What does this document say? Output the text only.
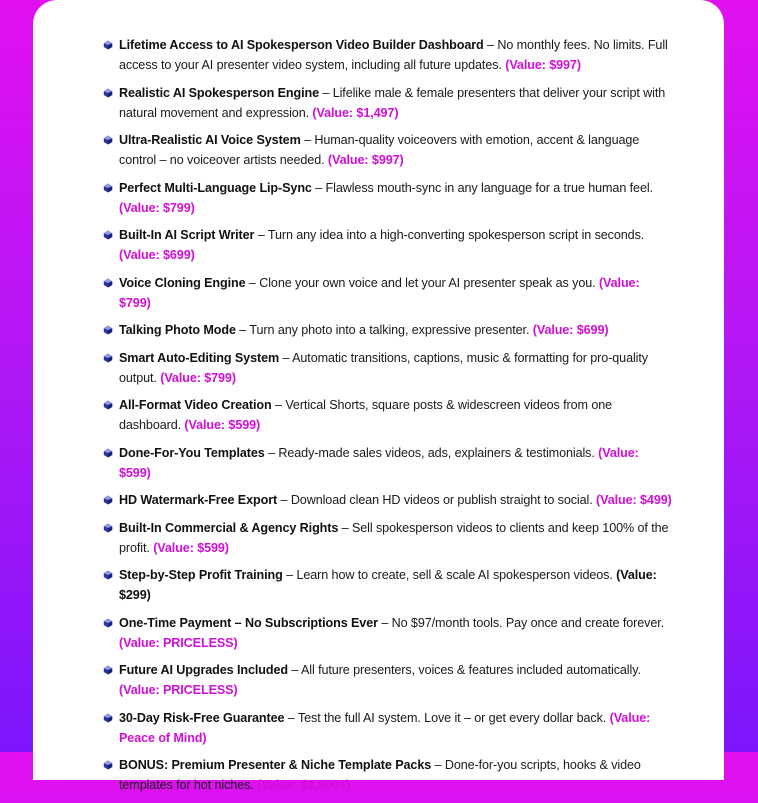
Lifetime Access to AI Spokesperson Video Builder Dashboard – No monthly fees. No limits. Full access to your AI presenter video system, including all future updates. (Value: $997)
Realistic AI Spokesperson Engine – Lifelike male & female presenters that deliver your script with natural movement and expression. (Value: $1,497)
Ultra-Realistic AI Voice System – Human-quality voiceovers with emotion, accent & language control – no voiceover artists needed. (Value: $997)
Perfect Multi-Language Lip-Sync – Flawless mouth-sync in any language for a true human feel. (Value: $799)
Built-In AI Script Writer – Turn any idea into a high-converting spokesperson script in seconds. (Value: $699)
Voice Cloning Engine – Clone your own voice and let your AI presenter speak as you. (Value: $799)
Talking Photo Mode – Turn any photo into a talking, expressive presenter. (Value: $699)
Smart Auto-Editing System – Automatic transitions, captions, music & formatting for pro-quality output. (Value: $799)
All-Format Video Creation – Vertical Shorts, square posts & widescreen videos from one dashboard. (Value: $599)
Done-For-You Templates – Ready-made sales videos, ads, explainers & testimonials. (Value: $599)
HD Watermark-Free Export – Download clean HD videos or publish straight to social. (Value: $499)
Built-In Commercial & Agency Rights – Sell spokesperson videos to clients and keep 100% of the profit. (Value: $599)
Step-by-Step Profit Training – Learn how to create, sell & scale AI spokesperson videos. (Value: $299)
One-Time Payment – No Subscriptions Ever – No $97/month tools. Pay once and create forever. (Value: PRICELESS)
Future AI Upgrades Included – All future presenters, voices & features included automatically. (Value: PRICELESS)
30-Day Risk-Free Guarantee – Test the full AI system. Love it – or get every dollar back. (Value: Peace of Mind)
BONUS: Premium Presenter & Niche Template Packs – Done-for-you scripts, hooks & video templates for hot niches. (Value: $1,000+)
